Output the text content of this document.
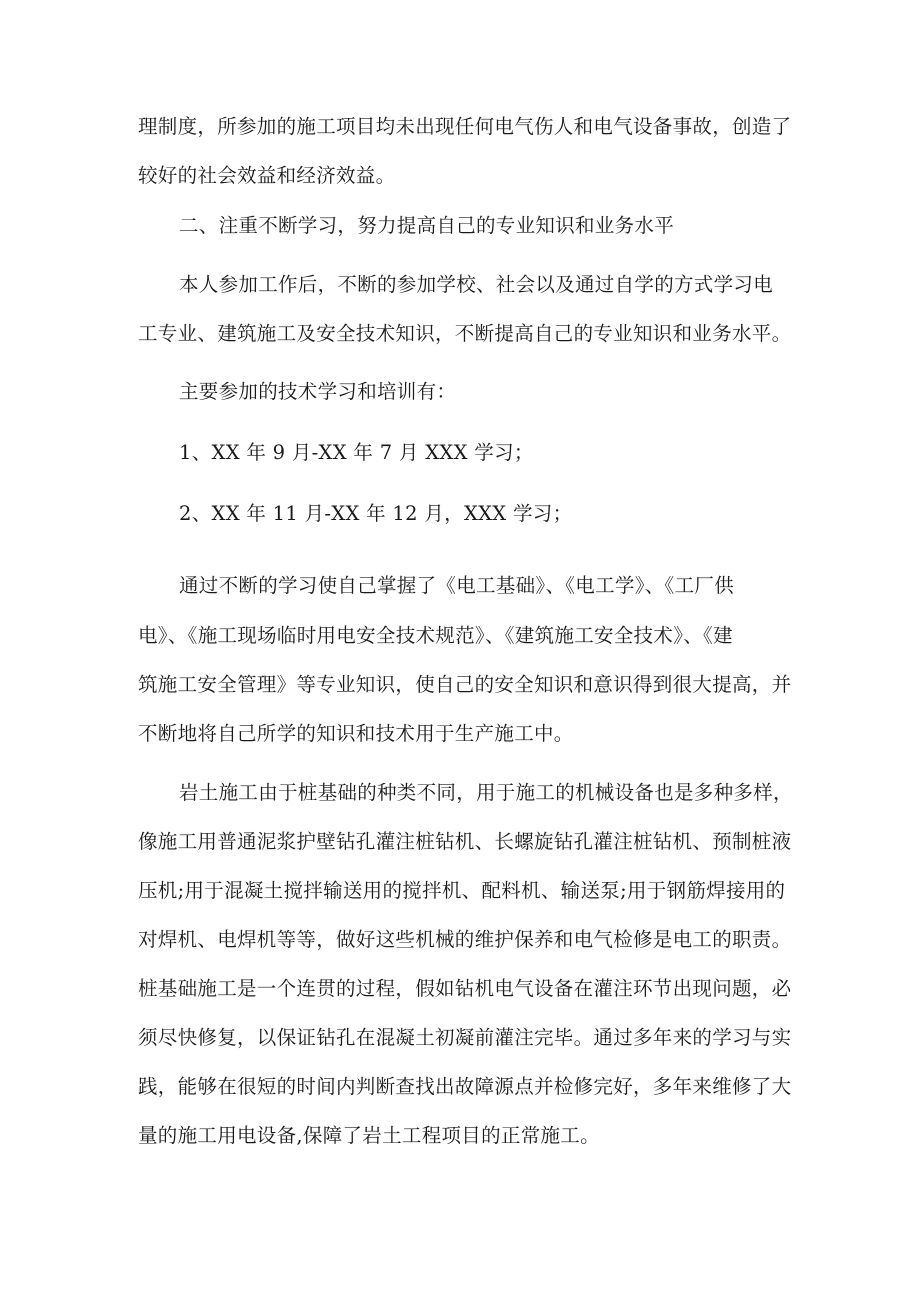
理制度，所参加的施工项目均未出现任何电气伤人和电气设备事故，创造了
较好的社会效益和经济效益。
二、注重不断学习，努力提高自己的专业知识和业务水平
本人参加工作后，不断的参加学校、社会以及通过自学的方式学习电
工专业、建筑施工及安全技术知识，不断提高自己的专业知识和业务水平。
主要参加的技术学习和培训有：
1、XX 年 9 月-XX 年 7 月 XXX 学习；
2、XX 年 11 月-XX 年 12 月，XXX 学习；
通过不断的学习使自己掌握了《电工基础》、《电工学》、《工厂供
电》、《施工现场临时用电安全技术规范》、《建筑施工安全技术》、《建
筑施工安全管理》等专业知识，使自己的安全知识和意识得到很大提高，并
不断地将自己所学的知识和技术用于生产施工中。
岩土施工由于桩基础的种类不同，用于施工的机械设备也是多种多样，
像施工用普通泥浆护壁钻孔灌注桩钻机、长螺旋钻孔灌注桩钻机、预制桩液
压机;用于混凝土搅拌输送用的搅拌机、配料机、输送泵;用于钢筋焊接用的
对焊机、电焊机等等，做好这些机械的维护保养和电气检修是电工的职责。
桩基础施工是一个连贯的过程，假如钻机电气设备在灌注环节出现问题，必
须尽快修复，以保证钻孔在混凝土初凝前灌注完毕。通过多年来的学习与实
践，能够在很短的时间内判断查找出故障源点并检修完好，多年来维修了大
量的施工用电设备,保障了岩土工程项目的正常施工。
